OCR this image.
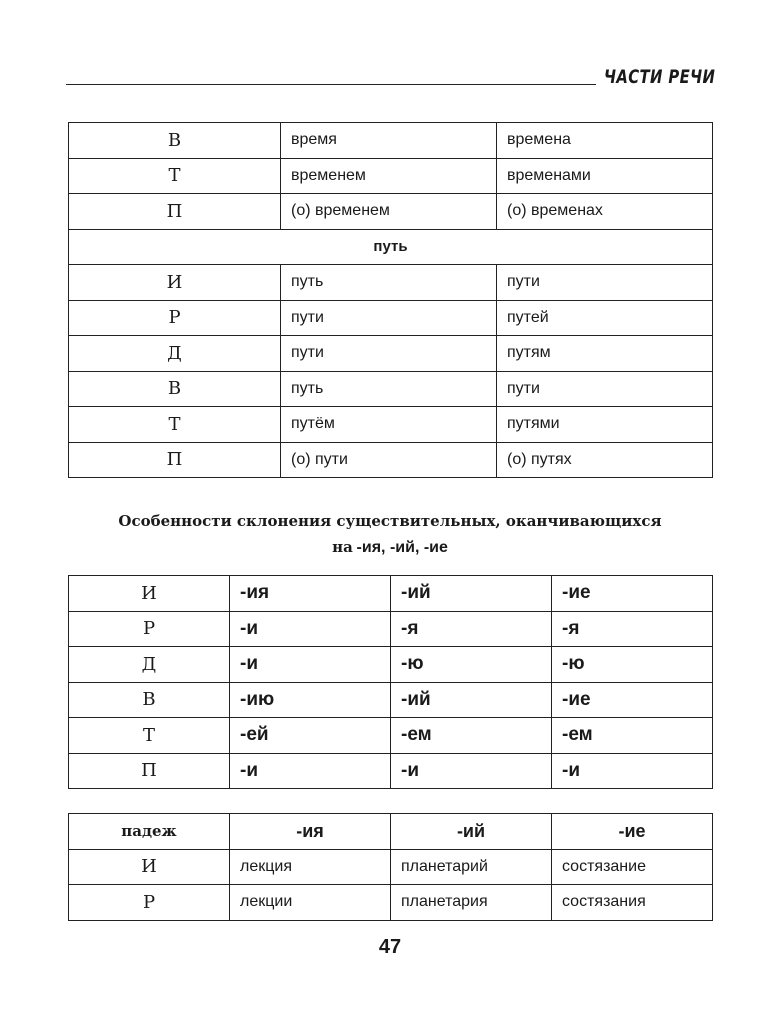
ЧАСТИ РЕЧИ
В	время	времена
Т	временем	временами
П	(о) временем	(о) временах
путь		
И	путь	пути
Р	пути	путей
Д	пути	путям
В	путь	пути
Т	путём	путями
П	(о) пути	(о) путях
Особенности склонения существительных, оканчивающихся
на -ия, -ий, -ие
И	-ия	-ий	-ие
Р	-и	-я	-я
Д	-и	-ю	-ю
В	-ию	-ий	-ие
Т	-ей	-ем	-ем
П	-и	-и	-и
падеж	-ия	-ий	-ие
И	лекция	планетарий	состязание
Р	лекции	планетария	состязания
47
